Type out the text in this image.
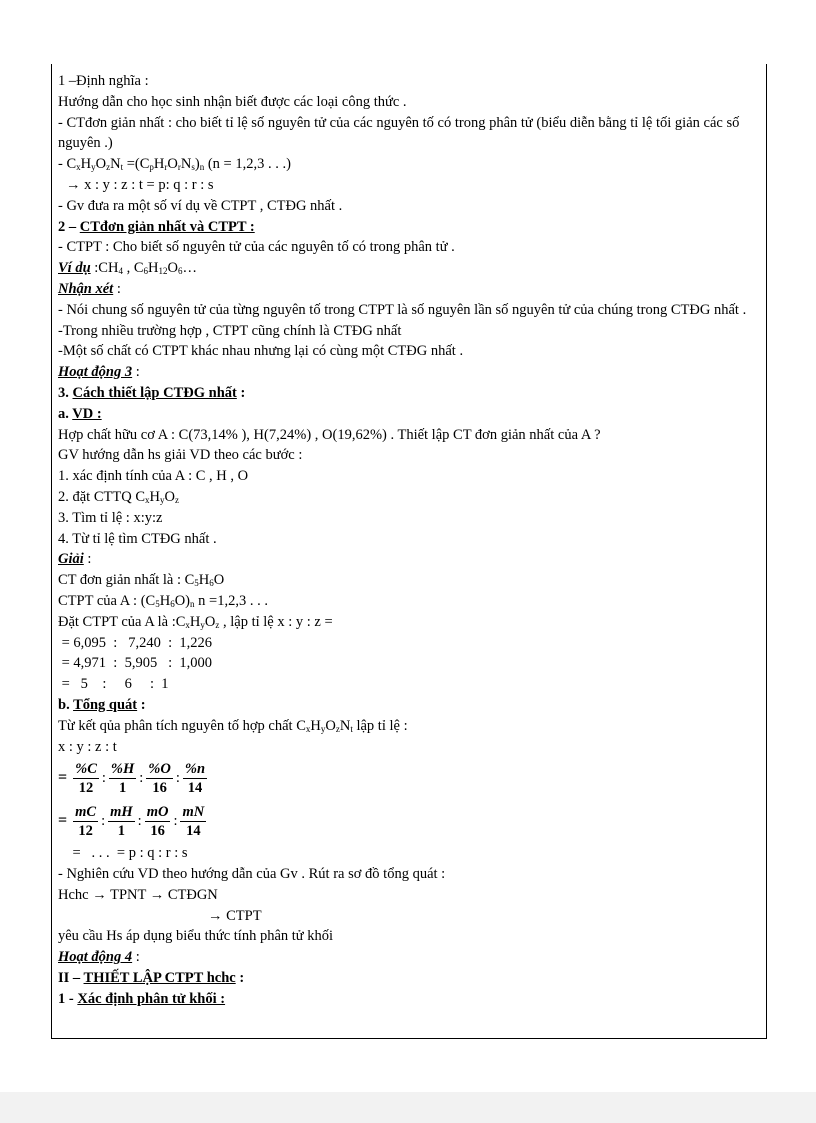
1 –Định nghĩa :
Hướng dẫn cho học sinh nhận biết được các loại công thức .
- CTđơn giản nhất : cho biết tỉ lệ số nguyên tử của các nguyên tố có trong phân tử (biểu diễn bằng tỉ lệ tối giản các số nguyên .)
- $C_xH_yO_zN_t =(C_pH_rO_rN_s)_n$ (n = 1,2,3 . . .)
→ x : y : z : t = p: q : r : s
- Gv đưa ra một số ví dụ về CTPT , CTĐG nhất .
2 – CTđơn giản nhất và CTPT :
- CTPT : Cho biết số nguyên tử của các nguyên tố có trong phân tử .
Ví dụ $:CH_4$ , $C_6H_{12}O_6\dots$
Nhận xét :
- Nói chung số nguyên tử của từng nguyên tố trong CTPT là số nguyên lần số nguyên tử của chúng trong CTĐG nhất .
-Trong nhiều trường hợp , CTPT cũng chính là CTĐG nhất
-Một số chất có CTPT khác nhau nhưng lại có cùng một CTĐG nhất .
Hoạt động 3 :
3. Cách thiết lập CTĐG nhất :
a. VD :
Hợp chất hữu cơ A : C(73,14% ), H(7,24%) , O(19,62%) . Thiết lập CT đơn giản nhất của A ?
GV hướng dẫn hs giải VD theo các bước :
1. xác định tính của A : C , H , O
2. đặt CTTQ $C_xH_yO_z$
3. Tìm tỉ lệ : x:y:z
4. Từ tỉ lệ tìm CTĐG nhất .
Giải :
CT đơn giản nhất là : $C_5H_6O$
CTPT của A : $(C_5H_6O)_n$ n =1,2,3 . . .
Đặt CTPT của A là $:C_xH_yO_z$ , lập tỉ lệ x : y : z =
= 6,095  :   7,240  :  1,226
= 4,971  :  5,905   :  1,000
=   5    :     6     :  1
b. Tổng quát :
Từ kết qủa phân tích nguyên tố hợp chất $C_xH_yO_zN_t$ lập tỉ lệ :
x : y : z : t
= $\frac{\%C}{12}$ : $\frac{\%H}{1}$ : $\frac{\%O}{16}$ : $\frac{\%n}{14}$
= $\frac{mC}{12}$ : $\frac{mH}{1}$ : $\frac{mO}{16}$ : $\frac{mN}{14}$
=   . . .  = p : q : r : s
- Nghiên cứu VD theo hướng dẫn của Gv . Rút ra sơ đồ tổng quát :
Hchc → TPNT → CTĐGN
→ CTPT
yêu cầu Hs áp dụng biểu thức tính phân tử khối
Hoạt động 4 :
II – THIẾT LẬP CTPT hchc :
1 - Xác định phân tử khối :
